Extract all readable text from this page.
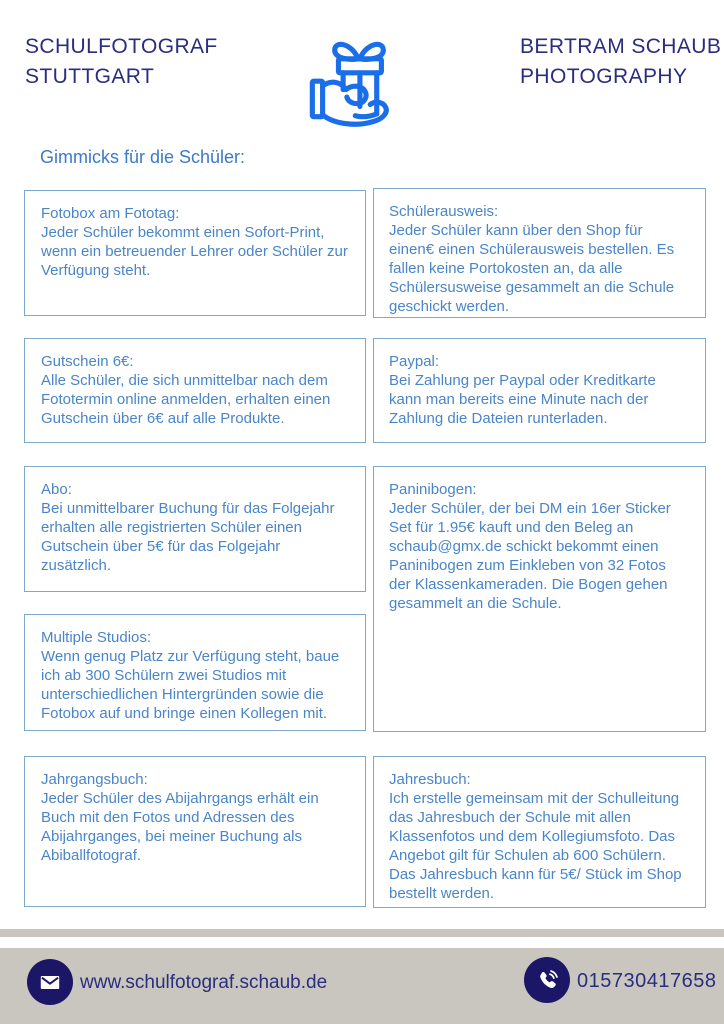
SCHULFOTOGRAF
STUTTGART
BERTRAM SCHAUB
PHOTOGRAPHY
Gimmicks für die Schüler:

Fotobox am Fototag:

Jeder Schüler bekommt einen Sofort-Print, wenn ein betreuender Lehrer oder Schüler zur Verfügung steht.

Gutschein 6€:

Alle Schüler, die sich unmittelbar nach dem Fototermin online anmelden, erhalten einen Gutschein über 6€ auf alle Produkte.

Abo:

Bei unmittelbarer Buchung für das Folgejahr erhalten alle registrierten Schüler einen Gutschein über 5€ für das Folgejahr zusätzlich.

Multiple Studios:

Wenn genug Platz zur Verfügung steht, baue ich ab 300 Schülern zwei Studios mit unterschiedlichen Hintergründen sowie die Fotobox auf und bringe einen Kollegen mit.

Jahrgangsbuch:

Jeder Schüler des Abijahrgangs erhält ein Buch mit den Fotos und Adressen des Abijahrganges, bei meiner Buchung als Abiballfotograf.

Schülerausweis:

Jeder Schüler kann über den Shop für einen€ einen Schülerausweis bestellen. Es fallen keine Portokosten an, da alle Schülersusweise gesammelt an die Schule geschickt werden.

Paypal:

Bei Zahlung per Paypal oder Kreditkarte kann man bereits eine Minute nach der Zahlung die Dateien runterladen.

Paninibogen:

Jeder Schüler, der bei DM ein 16er Sticker Set für 1.95€ kauft und den Beleg an schaub@gmx.de schickt bekommt einen Paninibogen zum Einkleben von 32 Fotos der Klassenkameraden. Die Bogen gehen gesammelt an die Schule.

Jahresbuch:

Ich erstelle gemeinsam mit der Schulleitung das Jahresbuch der Schule mit allen Klassenfotos und dem Kollegiumsfoto. Das Angebot gilt für Schulen ab 600 Schülern. Das Jahresbuch kann für 5€/ Stück im Shop bestellt werden.

www.schulfotograf.schaub.de	015730417658
